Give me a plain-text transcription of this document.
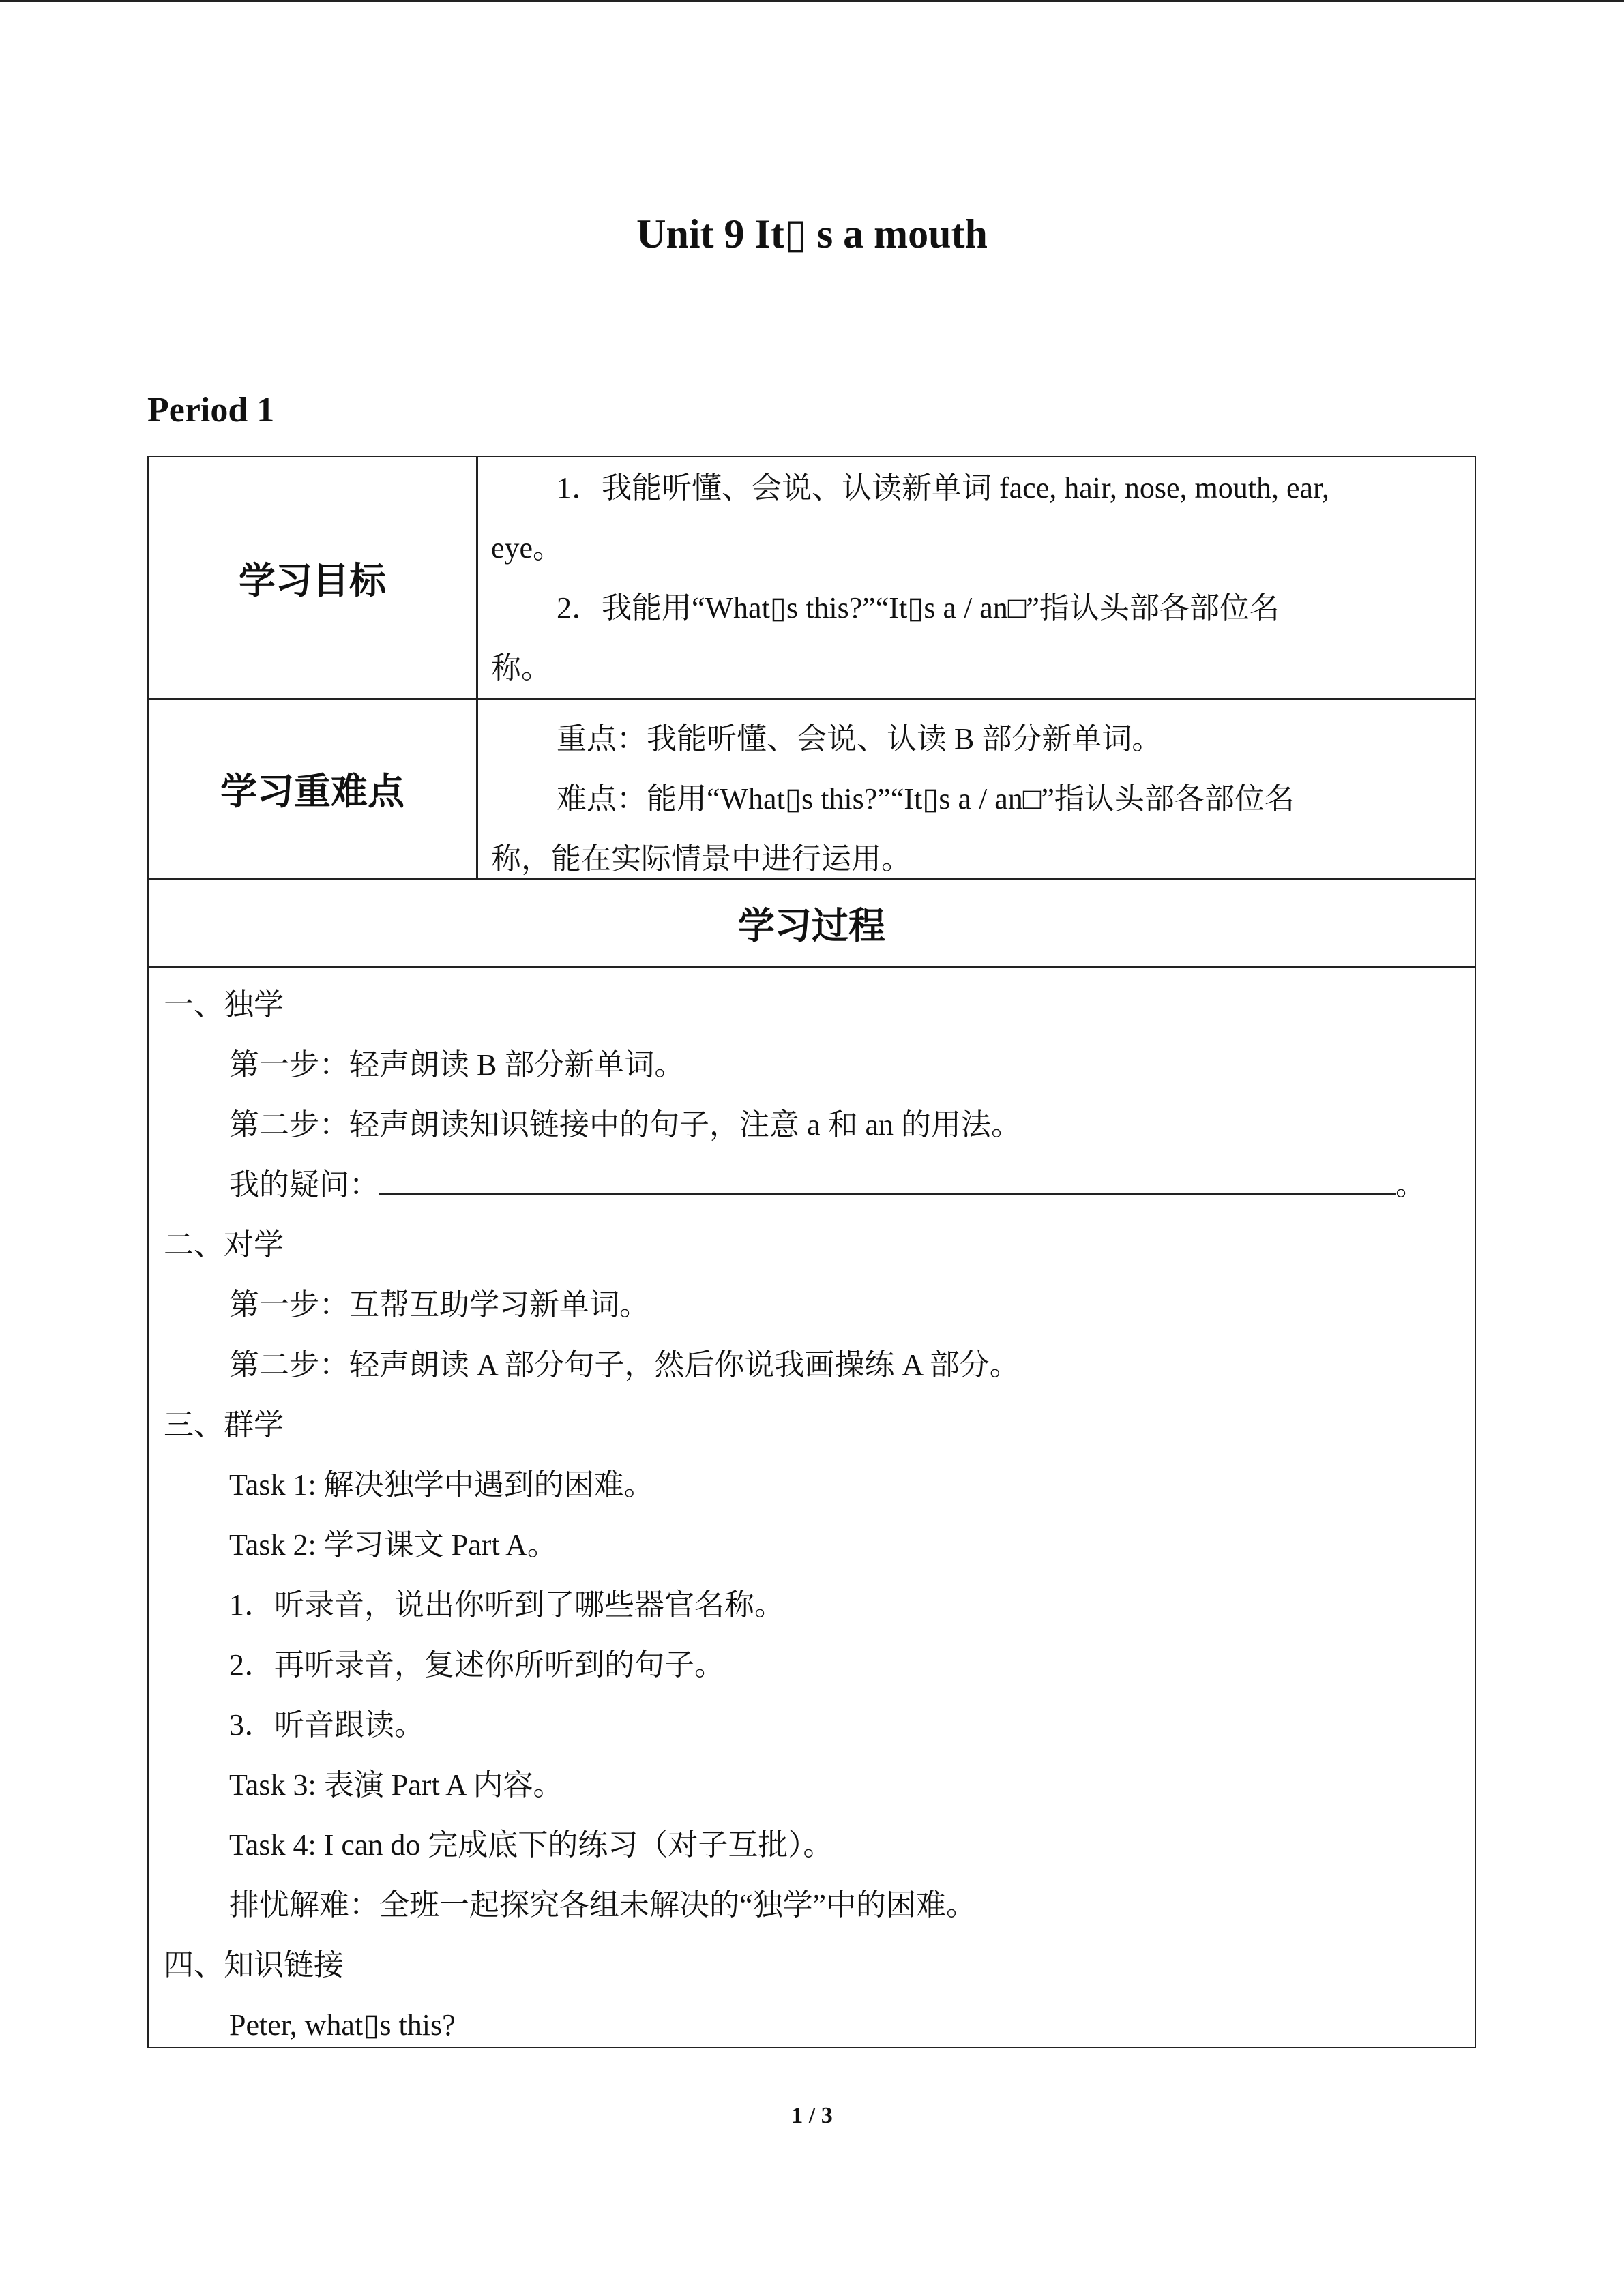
Unit 9 It▯ s a mouth
Period 1
学习目标

1．我能听懂、会说、认读新单词 face, hair, nose, mouth, ear,

eye。

2．我能用“What▯s this?”“It▯s a / an□”指认头部各部位名

称。

学习重难点

重点：我能听懂、会说、认读 B 部分新单词。

难点：能用“What▯s this?”“It▯s a / an□”指认头部各部位名

称，能在实际情景中进行运用。

学习过程
一、独学
第一步：轻声朗读 B 部分新单词。
第二步：轻声朗读知识链接中的句子，注意 a 和 an 的用法。
我的疑问：	。
二、对学
第一步：互帮互助学习新单词。
第二步：轻声朗读 A 部分句子，然后你说我画操练 A 部分。
三、群学
Task 1: 解决独学中遇到的困难。
Task 2: 学习课文 Part A。
1．听录音，说出你听到了哪些器官名称。
2．再听录音，复述你所听到的句子。
3．听音跟读。
Task 3: 表演 Part A 内容。
Task 4: I can do 完成底下的练习（对子互批）。
排忧解难：全班一起探究各组未解决的“独学”中的困难。
四、知识链接
Peter, what▯s this?
1 / 3
